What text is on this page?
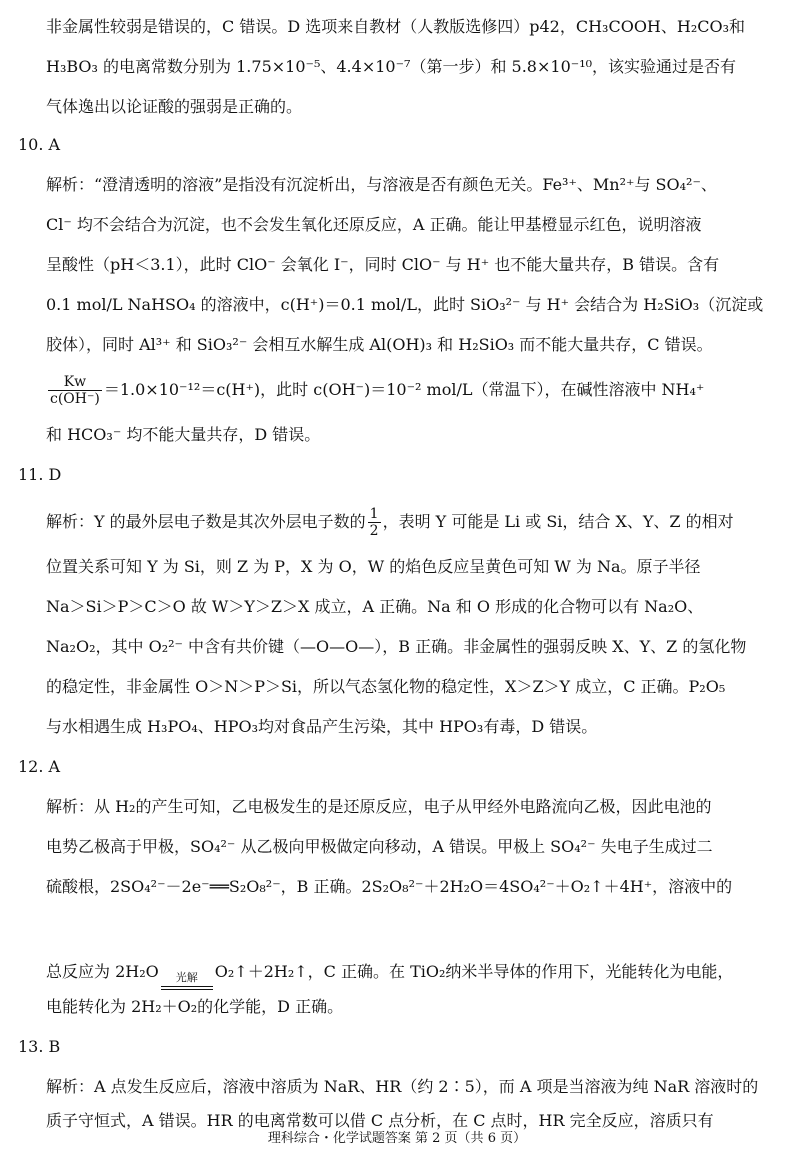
非金属性较弱是错误的，C 错误。D 选项来自教材（人教版选修四）p42，CH₃COOH、H₂CO₃和
H₃BO₃ 的电离常数分别为 1.75×10⁻⁵、4.4×10⁻⁷（第一步）和 5.8×10⁻¹⁰，该实验通过是否有
气体逸出以论证酸的强弱是正确的。
10. A
解析：“澄清透明的溶液”是指没有沉淀析出，与溶液是否有颜色无关。Fe³⁺、Mn²⁺与 SO₄²⁻、
Cl⁻ 均不会结合为沉淀，也不会发生氧化还原反应，A 正确。能让甲基橙显示红色，说明溶液
呈酸性（pH＜3.1），此时 ClO⁻ 会氧化 I⁻，同时 ClO⁻ 与 H⁺ 也不能大量共存，B 错误。含有
0.1 mol/L NaHSO₄ 的溶液中，c(H⁺)＝0.1 mol/L，此时 SiO₃²⁻ 与 H⁺ 会结合为 H₂SiO₃（沉淀或
胶体），同时 Al³⁺ 和 SiO₃²⁻ 会相互水解生成 Al(OH)₃ 和 H₂SiO₃ 而不能大量共存，C 错误。
$\frac{Kw}{c(OH^-)} =1.0\times 10^{-12}=c(H^+)$，此时 c(OH⁻)＝10⁻² mol/L（常温下），在碱性溶液中 NH₄⁺
和 HCO₃⁻ 均不能大量共存，D 错误。
11. D
解析：Y 的最外层电子数是其次外层电子数的 $\frac{1}{2}$ ，表明 Y 可能是 Li 或 Si，结合 X、Y、Z 的相对
位置关系可知 Y 为 Si，则 Z 为 P，X 为 O，W 的焰色反应呈黄色可知 W 为 Na。原子半径
Na＞Si＞P＞C＞O 故 W＞Y＞Z＞X 成立，A 正确。Na 和 O 形成的化合物可以有 Na₂O、
Na₂O₂，其中 O₂²⁻ 中含有共价键（—O—O—），B 正确。非金属性的强弱反映 X、Y、Z 的氢化物
的稳定性，非金属性 O＞N＞P＞Si，所以气态氢化物的稳定性，X＞Z＞Y 成立，C 正确。P₂O₅
与水相遇生成 H₃PO₄、HPO₃均对食品产生污染，其中 HPO₃有毒，D 错误。
12. A
解析：从 H₂的产生可知，乙电极发生的是还原反应，电子从甲经外电路流向乙极，因此电池的
电势乙极高于甲极，SO₄²⁻ 从乙极向甲极做定向移动，A 错误。甲极上 SO₄²⁻ 失电子生成过二
硫酸根，2SO₄²⁻－2e⁻══S₂O₈²⁻，B 正确。2S₂O₈²⁻＋2H₂O＝4SO₄²⁻＋O₂↑＋4H⁺，溶液中的
总反应为 2H₂O	光解	O₂↑＋2H₂↑，C 正确。在 TiO₂纳米半导体的作用下，光能转化为电能，
电能转化为 2H₂＋O₂的化学能，D 正确。
13. B
解析：A 点发生反应后，溶液中溶质为 NaR、HR（约 2∶5），而 A 项是当溶液为纯 NaR 溶液时的
质子守恒式，A 错误。HR 的电离常数可以借 C 点分析，在 C 点时，HR 完全反应，溶质只有
理科综合・化学试题答案 第 2 页（共 6 页）
